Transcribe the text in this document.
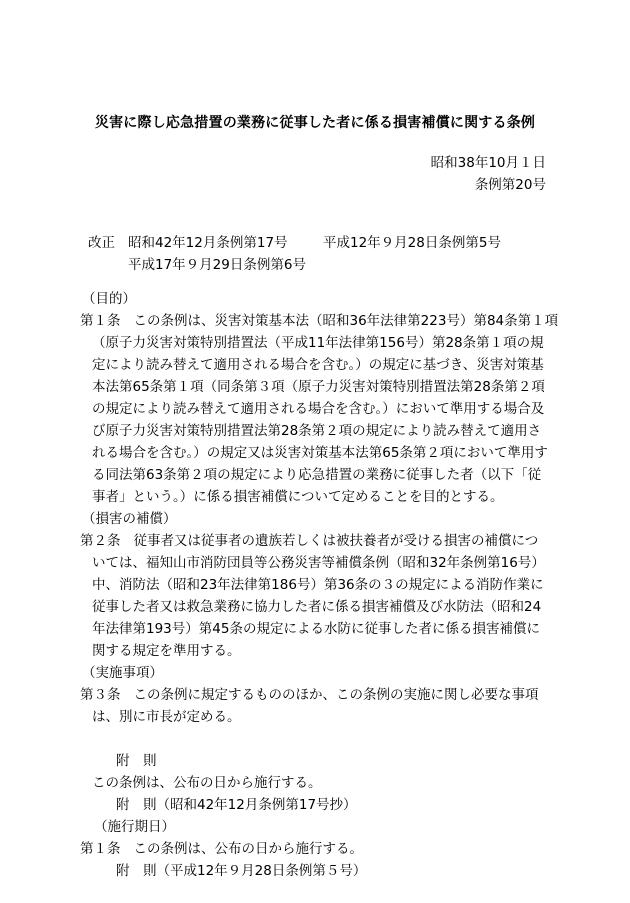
災害に際し応急措置の業務に従事した者に係る損害補償に関する条例
昭和38年10月１日
条例第20号
改正 昭和42年12月条例第17号	平成12年９月28日条例第5号
平成17年９月29日条例第6号
（目的）
第１条 この条例は、災害対策基本法（昭和36年法律第223号）第84条第１項
（原子力災害対策特別措置法（平成11年法律第156号）第28条第１項の規定により読み替えて適用される場合を含む。）の規定に基づき、災害対策基本法第65条第１項（同条第３項（原子力災害対策特別措置法第28条第２項の規定により読み替えて適用される場合を含む。）において準用する場合及び原子力災害対策特別措置法第28条第２項の規定により読み替えて適用される場合を含む。）の規定又は災害対策基本法第65条第２項において準用する同法第63条第２項の規定により応急措置の業務に従事した者（以下「従事者」という。）に係る損害補償について定めることを目的とする。
（損害の補償）
第２条 従事者又は従事者の遺族若しくは被扶養者が受ける損害の補償につ
いては、福知山市消防団員等公務災害等補償条例（昭和32年条例第16号）中、消防法（昭和23年法律第186号）第36条の３の規定による消防作業に従事した者又は救急業務に協力した者に係る損害補償及び水防法（昭和24年法律第193号）第45条の規定による水防に従事した者に係る損害補償に関する規定を準用する。
（実施事項）
第３条 この条例に規定するもののほか、この条例の実施に関し必要な事項
は、別に市長が定める。
附　則
この条例は、公布の日から施行する。
附　則（昭和42年12月条例第17号抄）
（施行期日）
第１条 この条例は、公布の日から施行する。
附　則（平成12年９月28日条例第５号）
